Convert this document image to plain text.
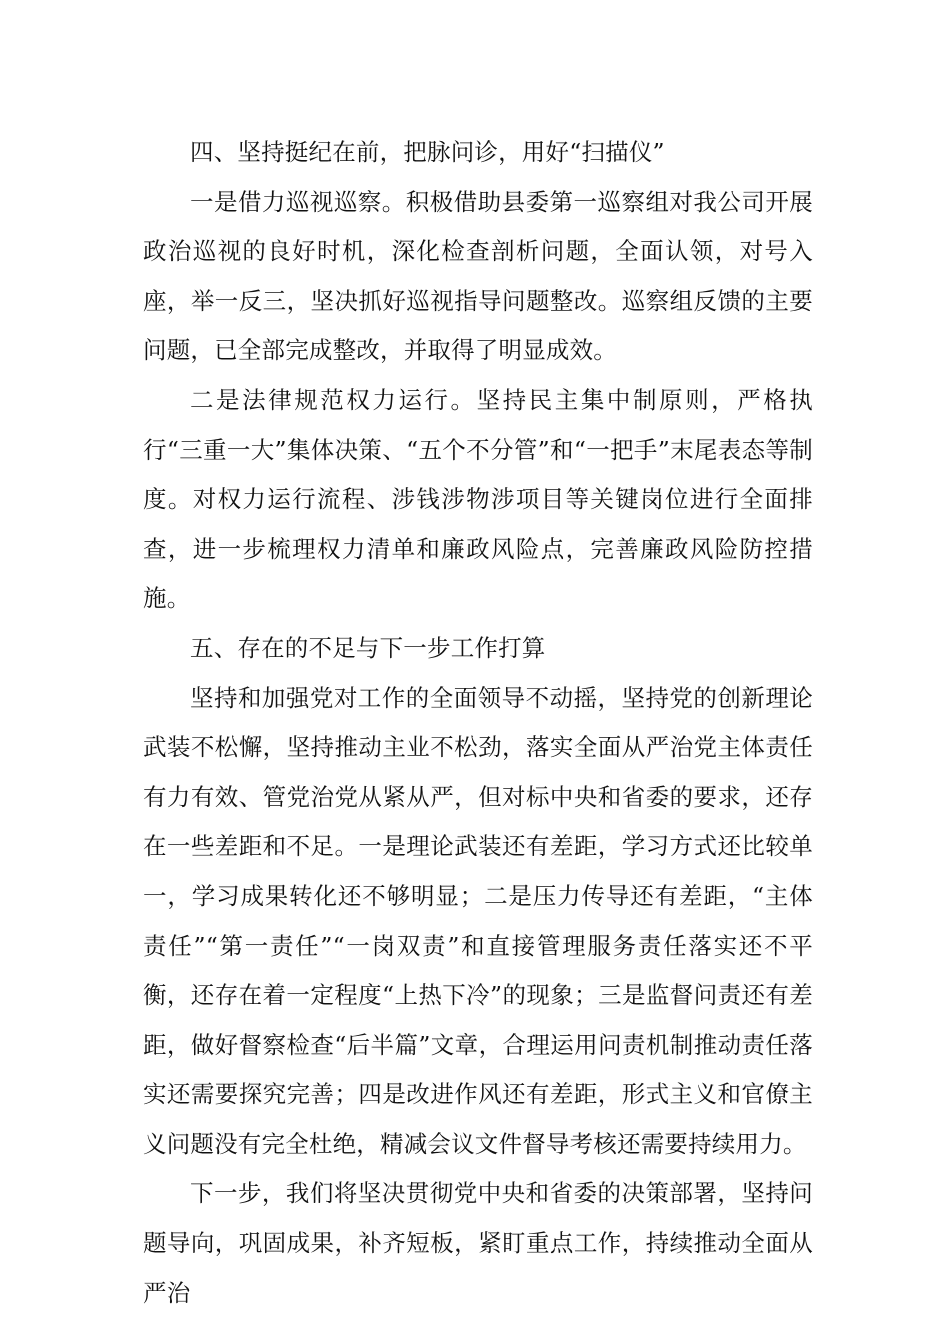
四、坚持挺纪在前，把脉问诊，用好“扫描仪”

一是借力巡视巡察。积极借助县委第一巡察组对我公司开展政治巡视的良好时机，深化检查剖析问题，全面认领，对号入座，举一反三，坚决抓好巡视指导问题整改。巡察组反馈的主要问题，已全部完成整改，并取得了明显成效。

二是法律规范权力运行。坚持民主集中制原则，严格执行“三重一大”集体决策、“五个不分管”和“一把手”末尾表态等制度。对权力运行流程、涉钱涉物涉项目等关键岗位进行全面排查，进一步梳理权力清单和廉政风险点，完善廉政风险防控措施。

五、存在的不足与下一步工作打算

坚持和加强党对工作的全面领导不动摇，坚持党的创新理论武装不松懈，坚持推动主业不松劲，落实全面从严治党主体责任有力有效、管党治党从紧从严，但对标中央和省委的要求，还存在一些差距和不足。一是理论武装还有差距，学习方式还比较单一，学习成果转化还不够明显；二是压力传导还有差距，“主体责任”“第一责任”“一岗双责”和直接管理服务责任落实还不平衡，还存在着一定程度“上热下冷”的现象；三是监督问责还有差距，做好督察检查“后半篇”文章，合理运用问责机制推动责任落实还需要探究完善；四是改进作风还有差距，形式主义和官僚主义问题没有完全杜绝，精减会议文件督导考核还需要持续用力。

下一步，我们将坚决贯彻党中央和省委的决策部署，坚持问题导向，巩固成果，补齐短板，紧盯重点工作，持续推动全面从严治
